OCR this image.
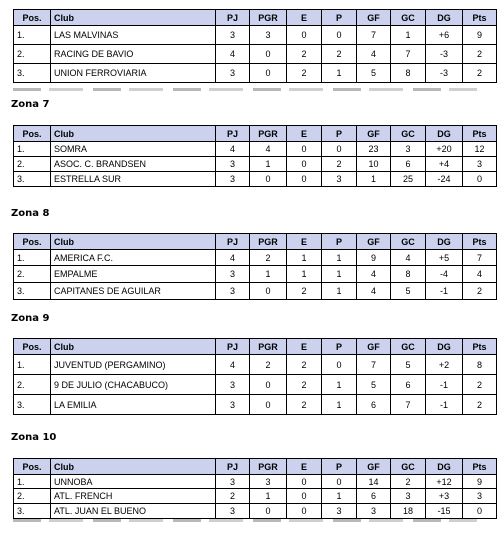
Pos.	Club	PJ	PGR	E	P	GF	GC	DG	Pts
1.	LAS MALVINAS	3	3	0	0	7	1	+6	9
2.	RACING DE BAVIO	4	0	2	2	4	7	-3	2
3.	UNION FERROVIARIA	3	0	2	1	5	8	-3	2
Zona 7
Pos.	Club	PJ	PGR	E	P	GF	GC	DG	Pts
1.	SOMRA	4	4	0	0	23	3	+20	12
2.	ASOC. C. BRANDSEN	3	1	0	2	10	6	+4	3
3.	ESTRELLA SUR	3	0	0	3	1	25	-24	0
Zona 8
Pos.	Club	PJ	PGR	E	P	GF	GC	DG	Pts
1.	AMERICA F.C.	4	2	1	1	9	4	+5	7
2.	EMPALME	3	1	1	1	4	8	-4	4
3.	CAPITANES DE AGUILAR	3	0	2	1	4	5	-1	2
Zona 9
Pos.	Club	PJ	PGR	E	P	GF	GC	DG	Pts
1.	JUVENTUD (PERGAMINO)	4	2	2	0	7	5	+2	8
2.	9 DE JULIO (CHACABUCO)	3	0	2	1	5	6	-1	2
3.	LA EMILIA	3	0	2	1	6	7	-1	2
Zona 10
Pos.	Club	PJ	PGR	E	P	GF	GC	DG	Pts
1.	UNNOBA	3	3	0	0	14	2	+12	9
2.	ATL. FRENCH	2	1	0	1	6	3	+3	3
3.	ATL. JUAN EL BUENO	3	0	0	3	3	18	-15	0
